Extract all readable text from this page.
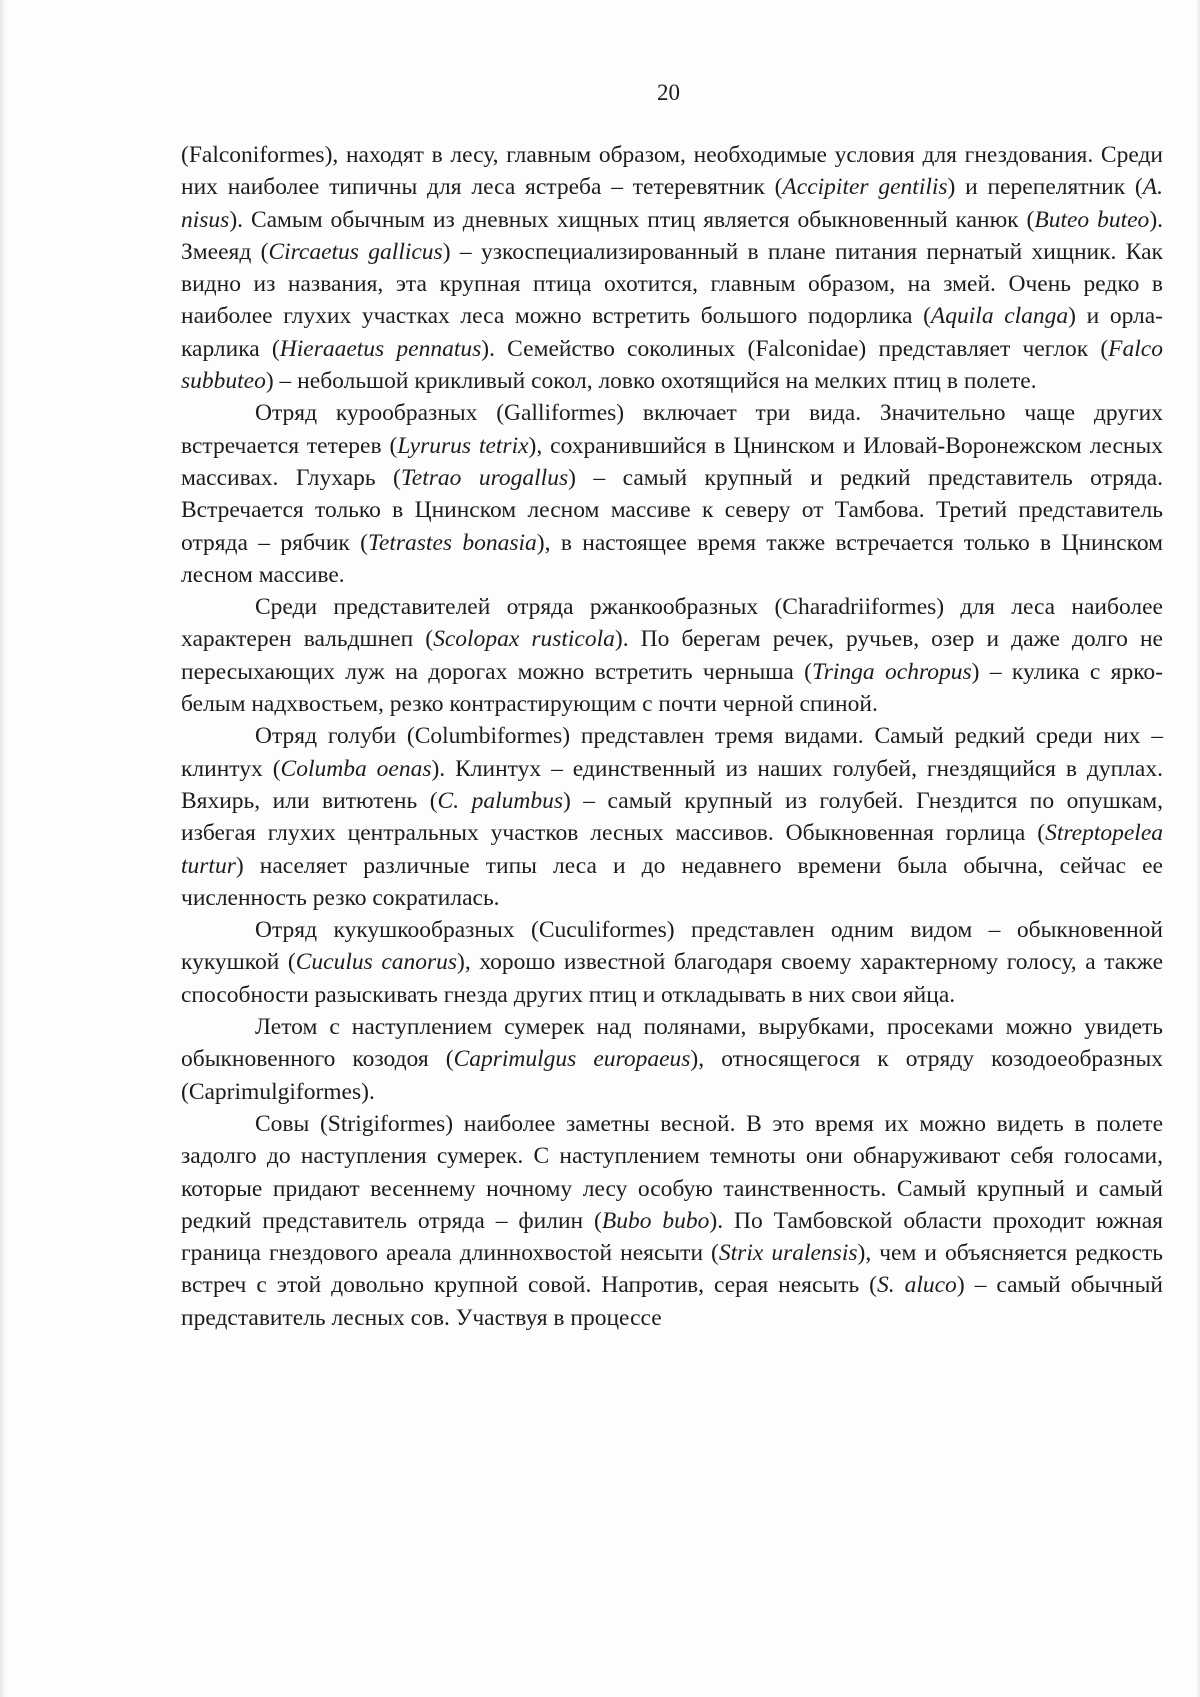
20

(Falconiformes), находят в лесу, главным образом, необходимые условия для гнездования. Среди них наиболее типичны для леса ястреба – тетеревятник (Accipiter gentilis) и перепелятник (A. nisus). Самым обычным из дневных хищных птиц является обыкновенный канюк (Buteo buteo). Змееяд (Circaetus gallicus) – узкоспециализированный в плане питания пернатый хищник. Как видно из названия, эта крупная птица охотится, главным образом, на змей. Очень редко в наиболее глухих участках леса можно встретить большого подорлика (Aquila clanga) и орла-карлика (Hieraaetus pennatus). Семейство соколиных (Falconidae) представляет чеглок (Falco subbuteo) – небольшой крикливый сокол, ловко охотящийся на мелких птиц в полете.

Отряд курообразных (Galliformes) включает три вида. Значительно чаще других встречается тетерев (Lyrurus tetrix), сохранившийся в Цнинском и Иловай-Воронежском лесных массивах. Глухарь (Tetrao urogallus) – самый крупный и редкий представитель отряда. Встречается только в Цнинском лесном массиве к северу от Тамбова. Третий представитель отряда – рябчик (Tetrastes bonasia), в настоящее время также встречается только в Цнинском лесном массиве.

Среди представителей отряда ржанкообразных (Charadriiformes) для леса наиболее характерен вальдшнеп (Scolopax rusticola). По берегам речек, ручьев, озер и даже долго не пересыхающих луж на дорогах можно встретить черныша (Tringa ochropus) – кулика с ярко-белым надхвостьем, резко контрастирующим с почти черной спиной.

Отряд голуби (Columbiformes) представлен тремя видами. Самый редкий среди них – клинтух (Columba oenas). Клинтух – единственный из наших голубей, гнездящийся в дуплах. Вяхирь, или витютень (C. palumbus) – самый крупный из голубей. Гнездится по опушкам, избегая глухих центральных участков лесных массивов. Обыкновенная горлица (Streptopelea turtur) населяет различные типы леса и до недавнего времени была обычна, сейчас ее численность резко сократилась.

Отряд кукушкообразных (Cuculiformes) представлен одним видом – обыкновенной кукушкой (Cuculus canorus), хорошо известной благодаря своему характерному голосу, а также способности разыскивать гнезда других птиц и откладывать в них свои яйца.

Летом с наступлением сумерек над полянами, вырубками, просеками можно увидеть обыкновенного козодоя (Caprimulgus europaeus), относящегося к отряду козодоеобразных (Caprimulgiformes).

Совы (Strigiformes) наиболее заметны весной. В это время их можно видеть в полете задолго до наступления сумерек. С наступлением темноты они обнаруживают себя голосами, которые придают весеннему ночному лесу особую таинственность. Самый крупный и самый редкий представитель отряда – филин (Bubo bubo). По Тамбовской области проходит южная граница гнездового ареала длиннохвостой неясыти (Strix uralensis), чем и объясняется редкость встреч с этой довольно крупной совой. Напротив, серая неясыть (S. aluco) – самый обычный представитель лесных сов. Участвуя в процессе
